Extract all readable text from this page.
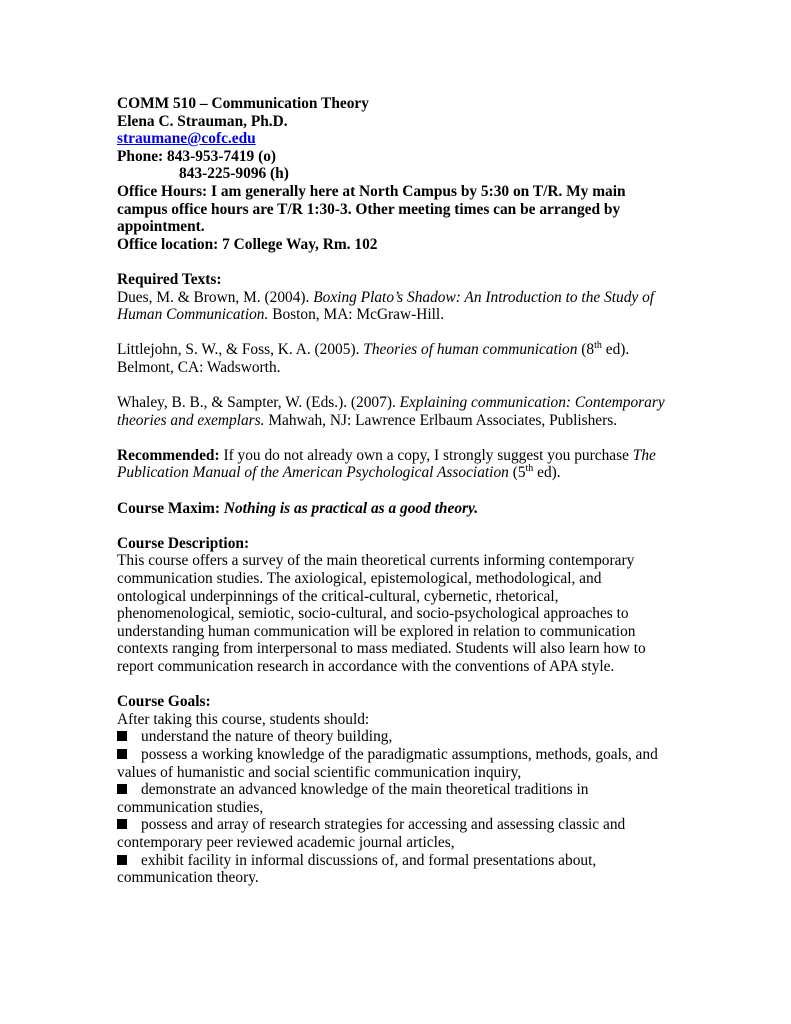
COMM 510 – Communication Theory
Elena C. Strauman, Ph.D.
straumane@cofc.edu
Phone: 843-953-7419 (o)
843-225-9096 (h)
Office Hours: I am generally here at North Campus by 5:30 on T/R. My main
campus office hours are T/R 1:30-3. Other meeting times can be arranged by
appointment.
Office location: 7 College Way, Rm. 102
Required Texts:
Dues, M. & Brown, M. (2004). Boxing Plato’s Shadow: An Introduction to the Study of
Human Communication. Boston, MA: McGraw-Hill.
Littlejohn, S. W., & Foss, K. A. (2005). Theories of human communication (8th ed).
Belmont, CA: Wadsworth.
Whaley, B. B., & Sampter, W. (Eds.). (2007). Explaining communication: Contemporary
theories and exemplars. Mahwah, NJ: Lawrence Erlbaum Associates, Publishers.
Recommended: If you do not already own a copy, I strongly suggest you purchase The
Publication Manual of the American Psychological Association (5th ed).
Course Maxim: Nothing is as practical as a good theory.
Course Description:
This course offers a survey of the main theoretical currents informing contemporary
communication studies. The axiological, epistemological, methodological, and
ontological underpinnings of the critical-cultural, cybernetic, rhetorical,
phenomenological, semiotic, socio-cultural, and socio-psychological approaches to
understanding human communication will be explored in relation to communication
contexts ranging from interpersonal to mass mediated. Students will also learn how to
report communication research in accordance with the conventions of APA style.
Course Goals:
After taking this course, students should:
understand the nature of theory building,
possess a working knowledge of the paradigmatic assumptions, methods, goals, and
values of humanistic and social scientific communication inquiry,
demonstrate an advanced knowledge of the main theoretical traditions in
communication studies,
possess and array of research strategies for accessing and assessing classic and
contemporary peer reviewed academic journal articles,
exhibit facility in informal discussions of, and formal presentations about,
communication theory.
